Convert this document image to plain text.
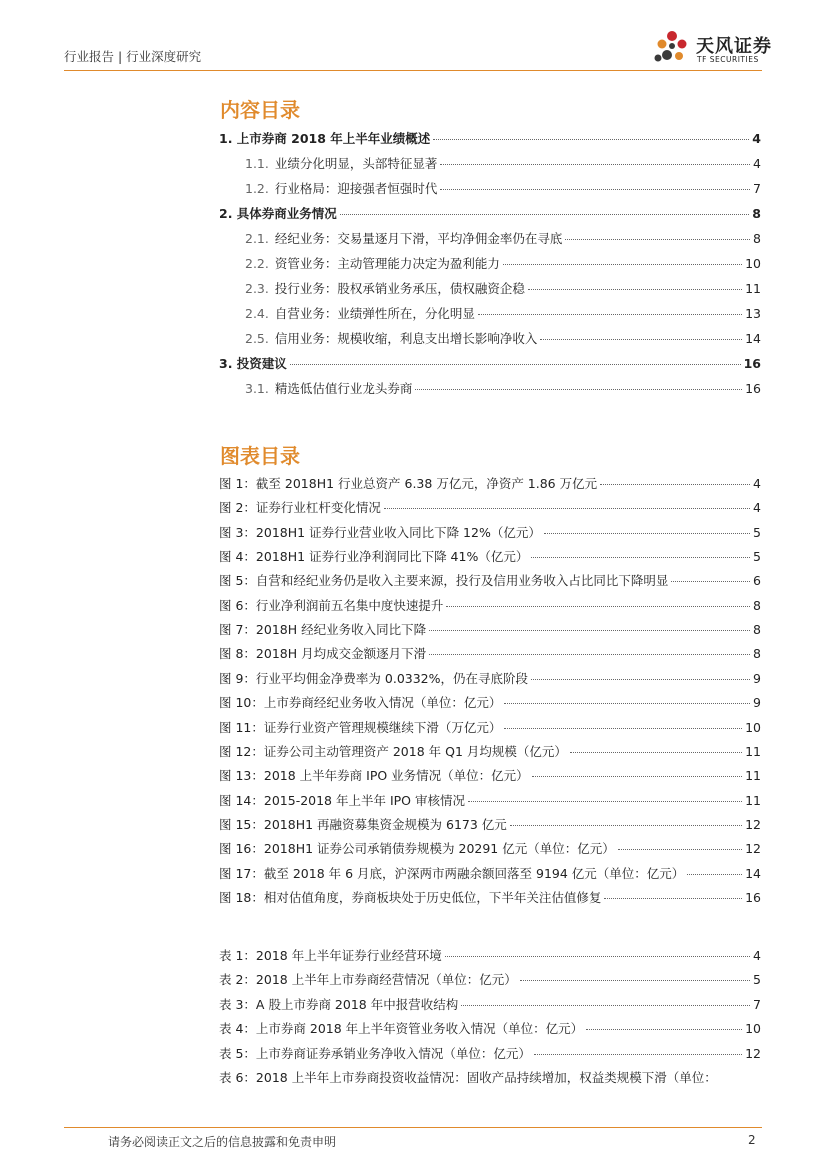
行业报告 | 行业深度研究	天风证券
TF SECURITIES
内容目录
1. 上市券商 2018 年上半年业绩概述	4
1.1. 业绩分化明显，头部特征显著	4
1.2. 行业格局：迎接强者恒强时代	7
2. 具体券商业务情况	8
2.1. 经纪业务：交易量逐月下滑，平均净佣金率仍在寻底	8
2.2. 资管业务：主动管理能力决定为盈利能力	10
2.3. 投行业务：股权承销业务承压，债权融资企稳	11
2.4. 自营业务：业绩弹性所在，分化明显	13
2.5. 信用业务：规模收缩，利息支出增长影响净收入	14
3. 投资建议	16
3.1. 精选低估值行业龙头券商	16
图表目录
图 1：截至 2018H1 行业总资产 6.38 万亿元，净资产 1.86 万亿元	4
图 2：证券行业杠杆变化情况	4
图 3：2018H1 证券行业营业收入同比下降 12%（亿元）	5
图 4：2018H1 证券行业净利润同比下降 41%（亿元）	5
图 5：自营和经纪业务仍是收入主要来源，投行及信用业务收入占比同比下降明显	6
图 6：行业净利润前五名集中度快速提升	8
图 7：2018H 经纪业务收入同比下降	8
图 8：2018H 月均成交金额逐月下滑	8
图 9：行业平均佣金净费率为 0.0332%，仍在寻底阶段	9
图 10：上市券商经纪业务收入情况（单位：亿元）	9
图 11：证券行业资产管理规模继续下滑（万亿元）	10
图 12：证券公司主动管理资产 2018 年 Q1 月均规模（亿元）	11
图 13：2018 上半年券商 IPO 业务情况（单位：亿元）	11
图 14：2015-2018 年上半年 IPO 审核情况	11
图 15：2018H1 再融资募集资金规模为 6173 亿元	12
图 16：2018H1 证券公司承销债券规模为 20291 亿元（单位：亿元）	12
图 17：截至 2018 年 6 月底，沪深两市两融余额回落至 9194 亿元（单位：亿元）	14
图 18：相对估值角度，券商板块处于历史低位，下半年关注估值修复	16
表 1：2018 年上半年证券行业经营环境	4
表 2：2018 上半年上市券商经营情况（单位：亿元）	5
表 3：A 股上市券商 2018 年中报营收结构	7
表 4：上市券商 2018 年上半年资管业务收入情况（单位：亿元）	10
表 5：上市券商证券承销业务净收入情况（单位：亿元）	12
表 6：2018 上半年上市券商投资收益情况：固收产品持续增加，权益类规模下滑（单位：
请务必阅读正文之后的信息披露和免责申明	2
